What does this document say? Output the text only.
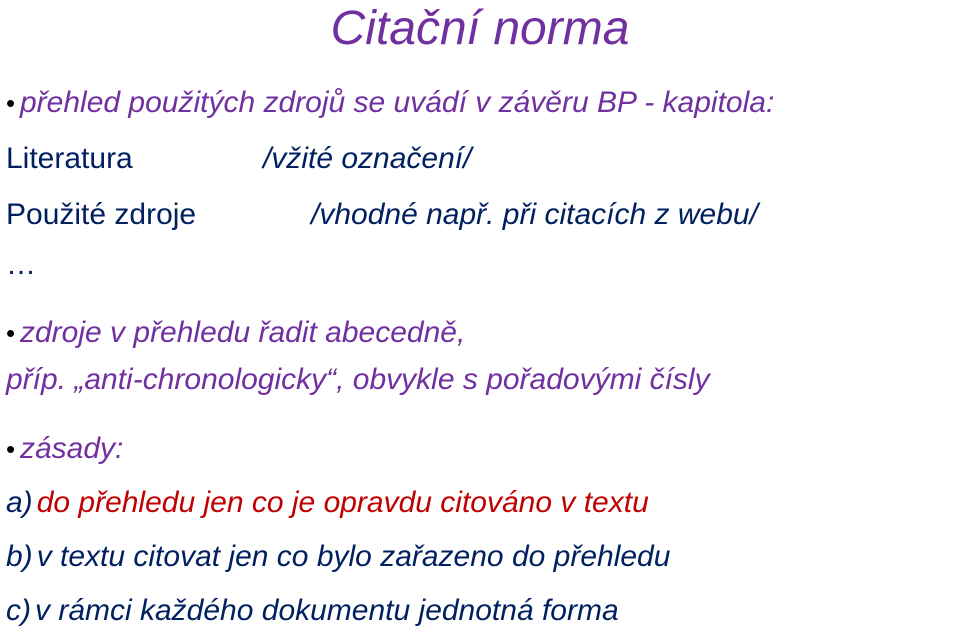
Citační norma
•přehled použitých zdrojů se uvádí v závěru BP - kapitola:
Literatura	/vžité označení/
Použité zdroje	/vhodné např. při citacích z webu/
…
•zdroje v přehledu řadit abecedně,
příp. „anti-chronologicky“, obvykle s pořadovými čísly
•zásady:
a) do přehledu jen co je opravdu citováno v textu
b) v textu citovat jen co bylo zařazeno do přehledu
c) v rámci každého dokumentu jednotná forma
